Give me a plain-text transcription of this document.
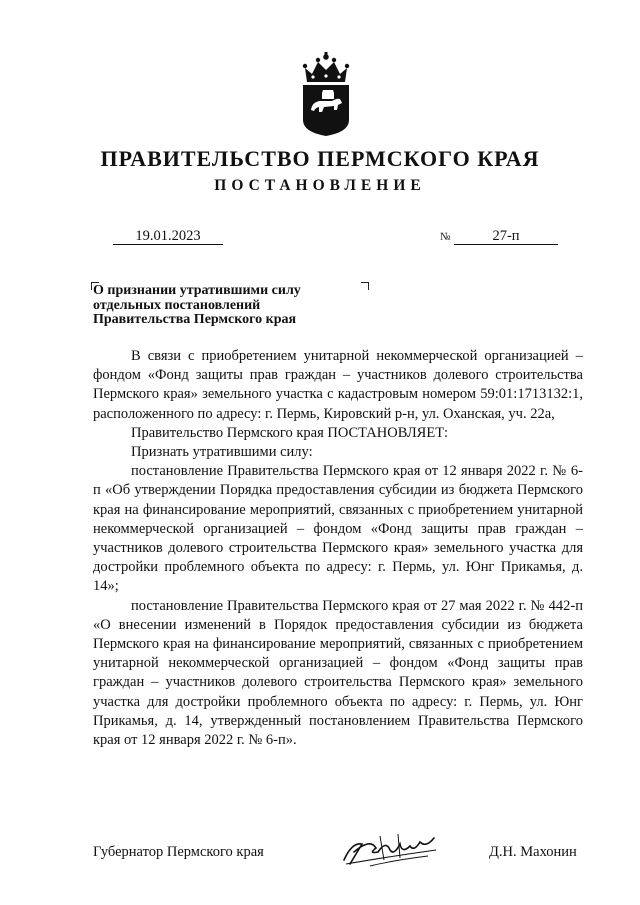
ПРАВИТЕЛЬСТВО ПЕРМСКОГО КРАЯ
ПОСТАНОВЛЕНИЕ
19.01.2023	№	27-п
О признании утратившими силу
отдельных постановлений
Правительства Пермского края

В связи с приобретением унитарной некоммерческой организацией – фондом «Фонд защиты прав граждан – участников долевого строительства Пермского края» земельного участка с кадастровым номером 59:01:1713132:1, расположенного по адресу: г. Пермь, Кировский р-н, ул. Оханская, уч. 22а,

Правительство Пермского края ПОСТАНОВЛЯЕТ:

Признать утратившими силу:

постановление Правительства Пермского края от 12 января 2022 г. № 6-п «Об утверждении Порядка предоставления субсидии из бюджета Пермского края на финансирование мероприятий, связанных с приобретением унитарной некоммерческой организацией – фондом «Фонд защиты прав граждан – участников долевого строительства Пермского края» земельного участка для достройки проблемного объекта по адресу: г. Пермь, ул. Юнг Прикамья, д. 14»;

постановление Правительства Пермского края от 27 мая 2022 г. № 442-п «О внесении изменений в Порядок предоставления субсидии из бюджета Пермского края на финансирование мероприятий, связанных с приобретением унитарной некоммерческой организацией – фондом «Фонд защиты прав граждан – участников долевого строительства Пермского края» земельного участка для достройки проблемного объекта по адресу: г. Пермь, ул. Юнг Прикамья, д. 14, утвержденный постановлением Правительства Пермского края от 12 января 2022 г. № 6-п».

Губернатор Пермского края	Д.Н. Махонин
